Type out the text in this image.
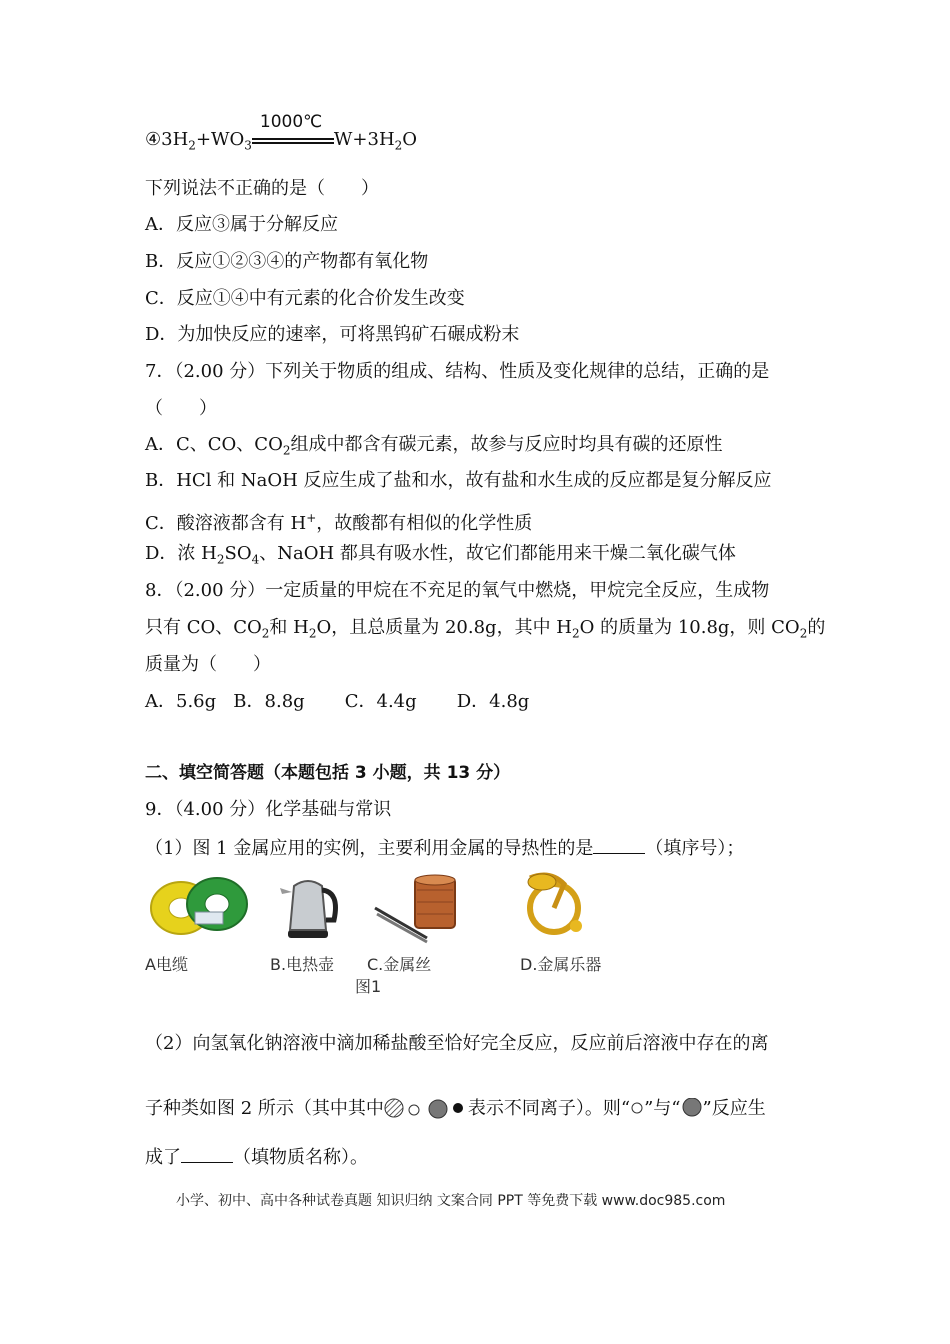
$④3H_2+WO_3$
1000℃
$W+3H_2O$
下列说法不正确的是（　　）
A．反应③属于分解反应
B．反应①②③④的产物都有氧化物
C．反应①④中有元素的化合价发生改变
D．为加快反应的速率，可将黑钨矿石碾成粉末
7．（2.00 分）下列关于物质的组成、结构、性质及变化规律的总结，正确的是
（　　）
A．C、CO、$CO_2$组成中都含有碳元素，故参与反应时均具有碳的还原性
B．HCl 和 NaOH 反应生成了盐和水，故有盐和水生成的反应都是复分解反应
C．酸溶液都含有 H+，故酸都有相似的化学性质
D．浓 $H_2SO_4$、NaOH 都具有吸水性，故它们都能用来干燥二氧化碳气体
8．（2.00 分）一定质量的甲烷在不充足的氧气中燃烧，甲烷完全反应，生成物
只有 CO、$CO_2$和 $H_2O$，且总质量为 20.8g，其中 $H_2O$ 的质量为 10.8g，则 $CO_2$的
质量为（　　）
A．5.6g   B．8.8g       C．4.4g       D．4.8g
二、填空简答题（本题包括 3 小题，共 13 分）
9．（4.00 分）化学基础与常识
（1）图 1 金属应用的实例，主要利用金属的导热性的是	（填序号）；
A电缆	B.电热壶 C.金属丝	D.金属乐器
图1
（2）向氢氧化钠溶液中滴加稀盐酸至恰好完全反应，反应前后溶液中存在的离
子种类如图 2 所示（其中其中	表示不同离子）。则“ ”与“ ”反应生
成了	（填物质名称）。
小学、初中、高中各种试卷真题 知识归纳 文案合同 PPT 等免费下载 www.doc985.com
